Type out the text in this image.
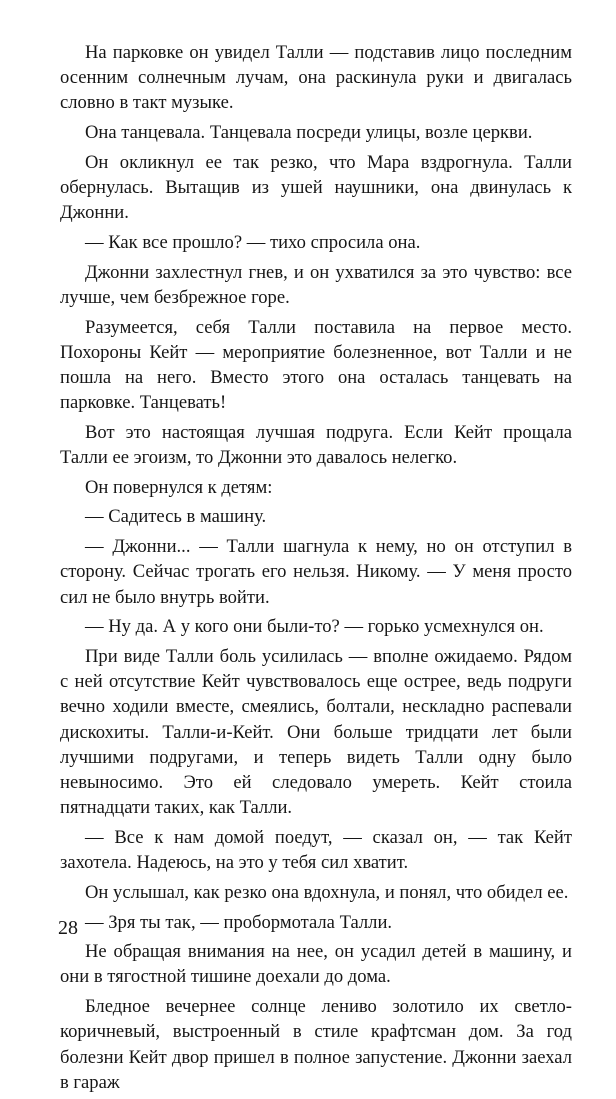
На парковке он увидел Талли — подставив лицо последним осенним солнечным лучам, она раскинула руки и двигалась словно в такт музыке.

Она танцевала. Танцевала посреди улицы, возле церкви.

Он окликнул ее так резко, что Мара вздрогнула. Талли обернулась. Вытащив из ушей наушники, она двинулась к Джонни.

— Как все прошло? — тихо спросила она.

Джонни захлестнул гнев, и он ухватился за это чувство: все лучше, чем безбрежное горе.

Разумеется, себя Талли поставила на первое место. Похороны Кейт — мероприятие болезненное, вот Талли и не пошла на него. Вместо этого она осталась танцевать на парковке. Танцевать!

Вот это настоящая лучшая подруга. Если Кейт прощала Талли ее эгоизм, то Джонни это давалось нелегко.

Он повернулся к детям:

— Садитесь в машину.

— Джонни... — Талли шагнула к нему, но он отступил в сторону. Сейчас трогать его нельзя. Никому. — У меня просто сил не было внутрь войти.

— Ну да. А у кого они были-то? — горько усмехнулся он.

При виде Талли боль усилилась — вполне ожидаемо. Рядом с ней отсутствие Кейт чувствовалось еще острее, ведь подруги вечно ходили вместе, смеялись, болтали, нескладно распевали дискохиты. Талли-и-Кейт. Они больше тридцати лет были лучшими подругами, и теперь видеть Талли одну было невыносимо. Это ей следовало умереть. Кейт стоила пятнадцати таких, как Талли.

— Все к нам домой поедут, — сказал он, — так Кейт захотела. Надеюсь, на это у тебя сил хватит.

Он услышал, как резко она вдохнула, и понял, что обидел ее.

— Зря ты так, — пробормотала Талли.

Не обращая внимания на нее, он усадил детей в машину, и они в тягостной тишине доехали до дома.

Бледное вечернее солнце лениво золотило их светло-коричневый, выстроенный в стиле крафтсман дом. За год болезни Кейт двор пришел в полное запустение. Джонни заехал в гараж

28
